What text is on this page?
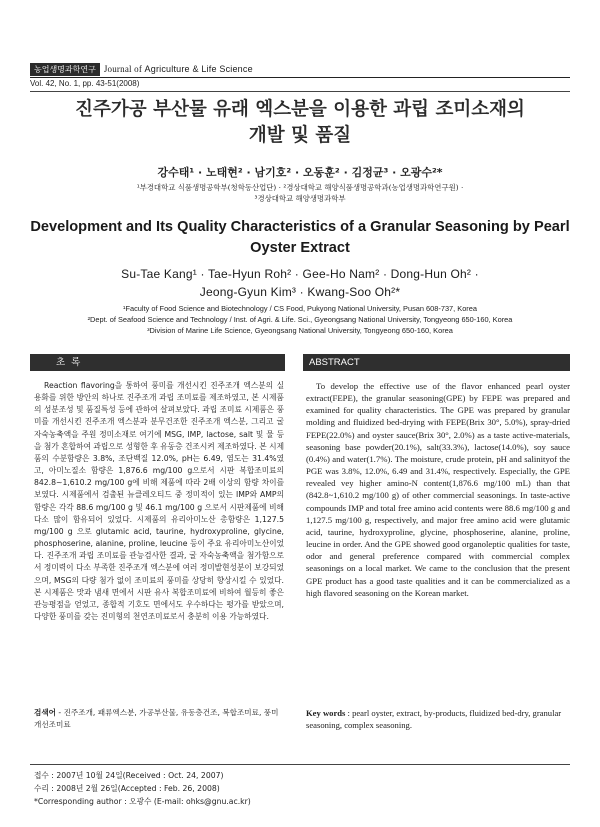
농업생명과학연구 Journal of Agriculture & Life Science
Vol. 42, No. 1, pp. 43-51(2008)
진주가공 부산물 유래 엑스분을 이용한 과립 조미소재의
개발 및 품질
강수태¹ · 노태현² · 남기호² · 오동훈² · 김정균³ · 오광수²*
¹부경대학교 식품생명공학부(청학동산업단) · ²경상대학교 해양식품생명공학과(농업생명과학연구원) ·
³경상대학교 해양생명과학부
Development and Its Quality Characteristics of a Granular Seasoning by Pearl
Oyster Extract
Su-Tae Kang¹ · Tae-Hyun Roh² · Gee-Ho Nam² · Dong-Hun Oh² ·
Jeong-Gyun Kim³ · Kwang-Soo Oh²*
¹Faculty of Food Science and Biotechnology / CS Food, Pukyong National University, Pusan 608-737, Korea
²Dept. of Seafood Science and Technology / Inst. of Agri. & Life. Sci., Gyeongsang National University, Tongyeong 650-160, Korea
³Division of Marine Life Science, Gyeongsang National University, Tongyeong 650-160, Korea
초록	ABSTRACT
Reaction flavoring을 통하여 풍미를 개선시킨 진주조개 엑스분의 실용화를 위한 방안의 하나로 진주조개 과립 조미료를 제조하였고, 본 시제품의 성분조성 및 품질특성 등에 관하여 살펴보았다. 과립 조미료 시제품은 풍미를 개선시킨 진주조개 엑스분과 분무건조한 진주조개 엑스분, 그리고 굴 자숙농축액을 주원 정미소재로 여기에 MSG, IMP, lactose, salt 및 물 등을 첨가 혼합하여 과립으로 성형한 후 유동층 건조시켜 제조하였다. 본 시제품의 수분함량은 3.8%, 조단백질 12.0%, pH는 6.49, 염도는 31.4%였고, 아미노질소 함량은 1,876.6 mg/100 g으로서 시판 복합조미료의 842.8~1,610.2 mg/100 g에 비해 제품에 따라 2배 이상의 함량 차이를 보였다. 시제품에서 검출된 뉴클레오티드 중 정미적이 있는 IMP와 AMP의 함량은 각각 88.6 mg/100 g 및 46.1 mg/100 g 으로서 시판제품에 비해 다소 많이 함유되어 있었다. 시제품의 유리아미노산 총함량은 1,127.5 mg/100 g 으로 glutamic acid, taurine, hydroxyproline, glycine, phosphoserine, alanine, proline, leucine 등이 주요 유리아미노산이었다. 진주조개 과립 조미료를 관능검사한 결과, 굴 자숙농축액을 첨가함으로서 정미력이 다소 부족한 진주조개 엑스분에 여러 정미발현성분이 보강되었으며, MSG의 다량 첨가 없이 조미료의 풍미를 상당히 향상시킬 수 있었다. 본 시제품은 맛과 냄새 면에서 시판 유사 복합조미료에 비하여 월등히 좋은 관능평점을 얻었고, 종합적 기호도 면에서도 우수하다는 평가를 받았으며, 다양한 풍미를 갖는 진미형의 천연조미료로서 충분히 이용 가능하였다.
To develop the effective use of the flavor enhanced pearl oyster extract(FEPE), the granular seasoning(GPE) by FEPE was prepared and examined for quality characteristics. The GPE was prepared by granular molding and fluidized bed-drying with FEPE(Brix 30°, 5.0%), spray-dried FEPE(22.0%) and oyster sauce(Brix 30°, 2.0%) as a taste active-materials, seasoning base powder(20.1%), salt(33.3%), lactose(14.0%), soy sauce (0.4%) and water(1.7%). The moisture, crude protein, pH and salinityof the PGE was 3.8%, 12.0%, 6.49 and 31.4%, respectively. Especially, the GPE revealed vey higher amino-N content(1,876.6 mg/100 mL) than that (842.8~1,610.2 mg/100 g) of other commercial seasonings. In taste-active compounds IMP and total free amino acid contents were 88.6 mg/100 g and 1,127.5 mg/100 g, respectively, and major free amino acid were glutamic acid, taurine, hydroxyproline, glycine, phosphoserine, alanine, proline, leucine in order. And the GPE showed good organoleptic qualities for taste, odor and general preference compared with commercial complex seasonings on a local market. We came to the conclusion that the present GPE product has a good taste qualities and it can be commercialized as a high flavored seasoning on the Korean market.
검색어 - 진주조개, 패류엑스분, 가공부산물, 유동층건조, 복합조미료, 풍미개선조미료
Key words : pearl oyster, extract, by-products, fluidized bed-dry, granular seasoning, complex seasoning.
접수 : 2007년 10월 24일(Received : Oct. 24, 2007)
수리 : 2008년 2월 26일(Accepted : Feb. 26, 2008)
*Corresponding author : 오광수 (E-mail: ohks@gnu.ac.kr)
